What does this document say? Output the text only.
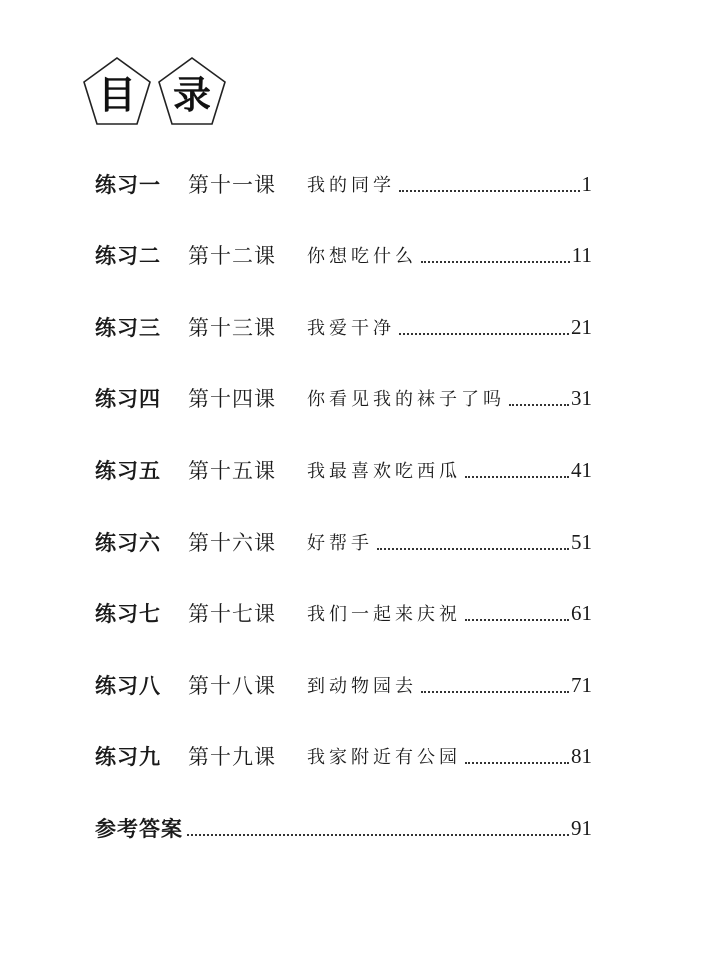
目 录
练习一	第十一课	我的同学	1
练习二	第十二课	你想吃什么	11
练习三	第十三课	我爱干净	21
练习四	第十四课	你看见我的袜子了吗	31
练习五	第十五课	我最喜欢吃西瓜	41
练习六	第十六课	好帮手	51
练习七	第十七课	我们一起来庆祝	61
练习八	第十八课	到动物园去	71
练习九	第十九课	我家附近有公园	81
参考答案	91
